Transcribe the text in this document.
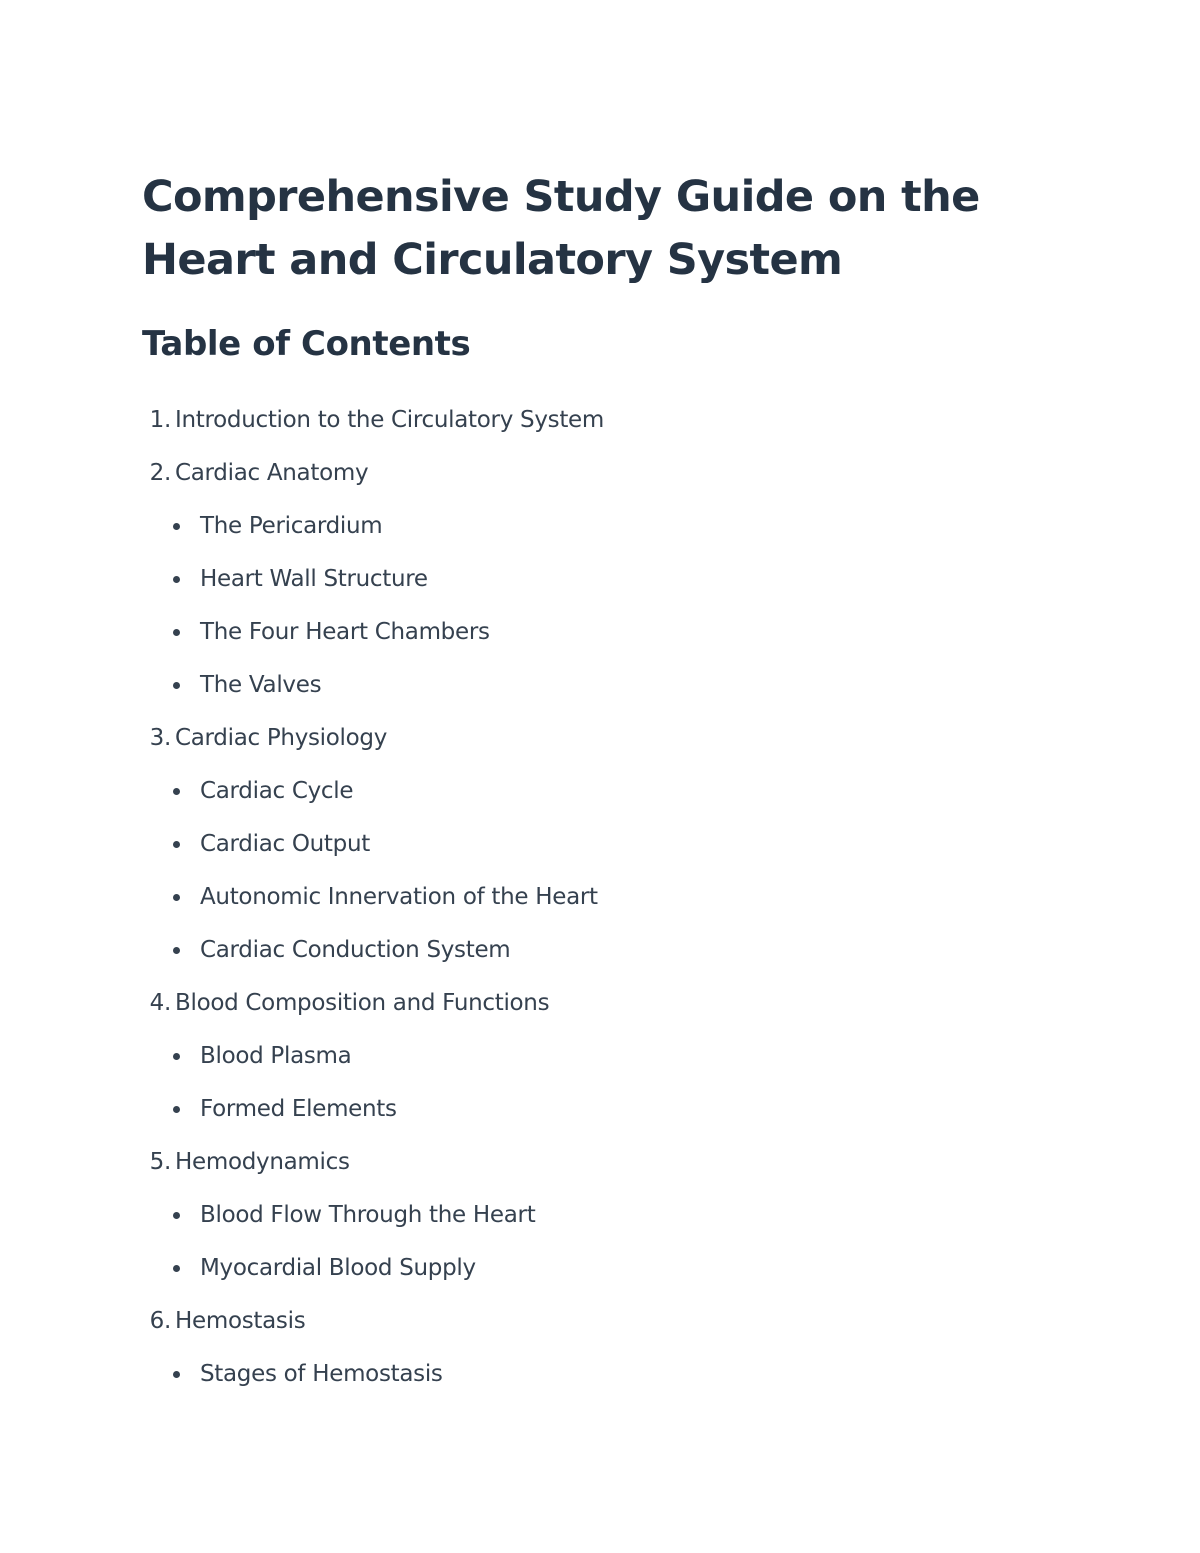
Comprehensive Study Guide on the Heart and Circulatory System
Table of Contents
1. Introduction to the Circulatory System
2. Cardiac Anatomy
The Pericardium
Heart Wall Structure
The Four Heart Chambers
The Valves
3. Cardiac Physiology
Cardiac Cycle
Cardiac Output
Autonomic Innervation of the Heart
Cardiac Conduction System
4. Blood Composition and Functions
Blood Plasma
Formed Elements
5. Hemodynamics
Blood Flow Through the Heart
Myocardial Blood Supply
6. Hemostasis
Stages of Hemostasis
